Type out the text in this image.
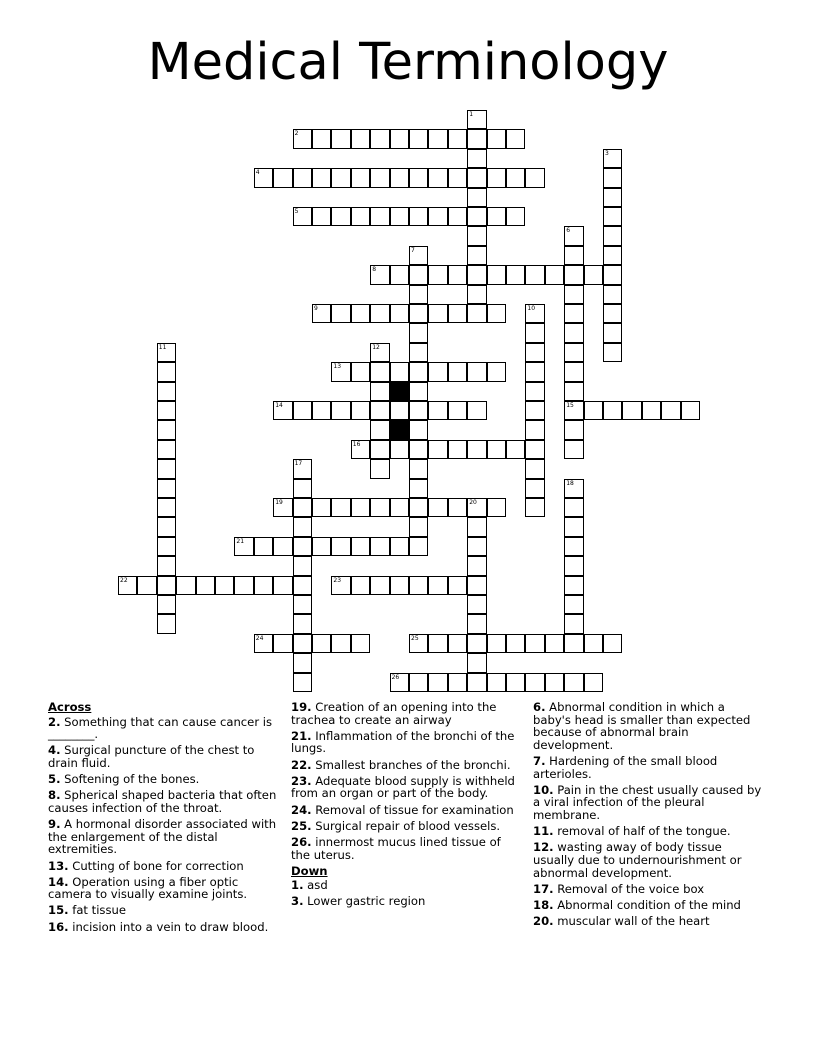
Medical Terminology
1
2
3
4
5
6
15
7
8
9	10
11	12
13
14
16
17
18
19	20
21
22	23
24	25
26
Across
2. Something that can cause cancer is ________.
4. Surgical puncture of the chest to drain fluid.
5. Softening of the bones.
8. Spherical shaped bacteria that often causes infection of the throat.
9. A hormonal disorder associated with the enlargement of the distal extremities.
13. Cutting of bone for correction
14. Operation using a fiber optic camera to visually examine joints.
15. fat tissue
16. incision into a vein to draw blood.
19. Creation of an opening into the trachea to create an airway
21. Inflammation of the bronchi of the lungs.
22. Smallest branches of the bronchi.
23. Adequate blood supply is withheld from an organ or part of the body.
24. Removal of tissue for examination
25. Surgical repair of blood vessels.
26. innermost mucus lined tissue of the uterus.
Down
1. asd
3. Lower gastric region
6. Abnormal condition in which a baby's head is smaller than expected because of abnormal brain development.
7. Hardening of the small blood arterioles.
10. Pain in the chest usually caused by a viral infection of the pleural membrane.
11. removal of half of the tongue.
12. wasting away of body tissue usually due to undernourishment or abnormal development.
17. Removal of the voice box
18. Abnormal condition of the mind
20. muscular wall of the heart
